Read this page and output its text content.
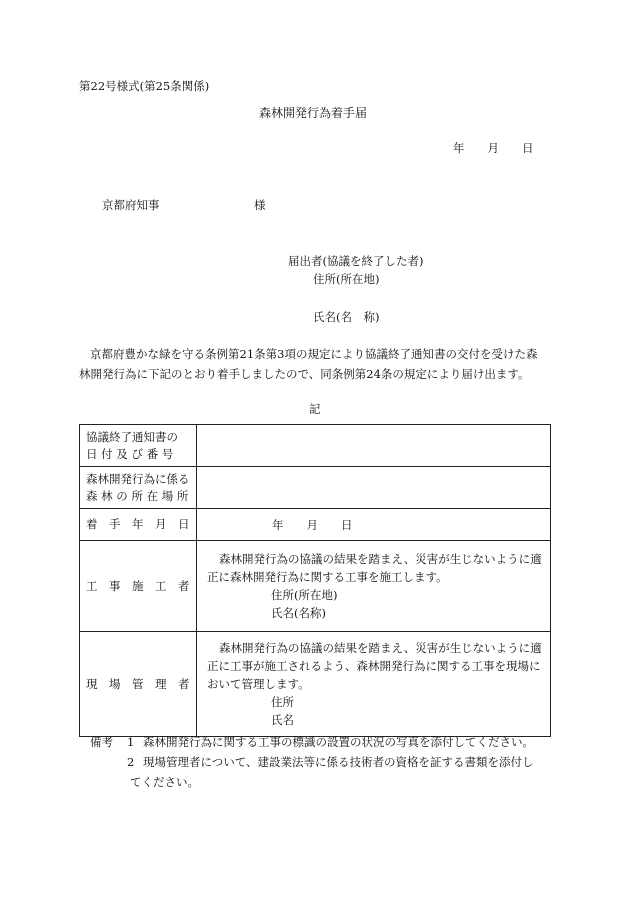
第22号様式(第25条関係)
森林開発行為着手届
年　　月　　日
京都府知事	様
届出者(協議を終了した者)
住所(所在地)
氏名(名　称)
京都府豊かな緑を守る条例第21条第3項の規定により協議終了通知書の交付を受けた森
林開発行為に下記のとおり着手しましたので、同条例第24条の規定により届け出ます。
記
協議終了通知書の
日 付 及 び 番 号	

森林開発行為に係る
森 林 の 所 在 場 所	

着　手　年　月　日	年　　月　　日

工　事　施　工　者	森林開発行為の協議の結果を踏まえ、災害が生じないように適
正に森林開発行為に関する工事を施工します。
住所(所在地)
氏名(名称)

現　場　管　理　者	森林開発行為の協議の結果を踏まえ、災害が生じないように適
正に工事が施工されるよう、森林開発行為に関する工事を現場に
おいて管理します。
住所
氏名
備考 1 森林開発行為に関する工事の標識の設置の状況の写真を添付してください。
2 現場管理者について、建設業法等に係る技術者の資格を証する書類を添付し
てください。
